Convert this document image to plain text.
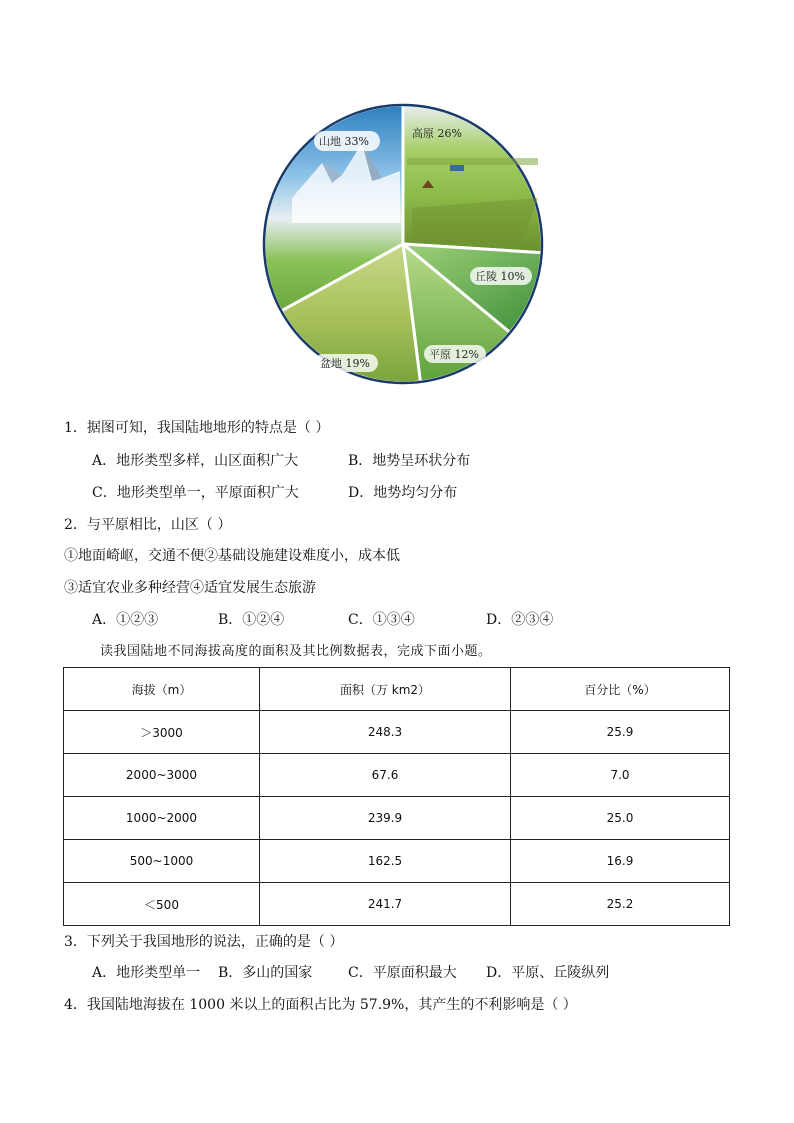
山地 33%
高原 26%
丘陵 10%
平原 12%
盆地 19%
1．据图可知，我国陆地地形的特点是（ ）
A．地形类型多样，山区面积广大	B．地势呈环状分布
C．地形类型单一，平原面积广大	D．地势均匀分布
2．与平原相比，山区（ ）
①地面崎岖，交通不便②基础设施建设难度小，成本低
③适宜农业多种经营④适宜发展生态旅游
A．①②③	B．①②④	C．①③④	D．②③④
读我国陆地不同海拔高度的面积及其比例数据表，完成下面小题。
海拔（m）	面积（万 km2）	百分比（%）
＞3000	248.3	25.9
2000~3000	67.6	7.0
1000~2000	239.9	25.0
500~1000	162.5	16.9
＜500	241.7	25.2
3．下列关于我国地形的说法，正确的是（ ）
A．地形类型单一 B．多山的国家	C．平原面积最大 D．平原、丘陵纵列
4．我国陆地海拔在 1000 米以上的面积占比为 57.9%，其产生的不利影响是（ ）
